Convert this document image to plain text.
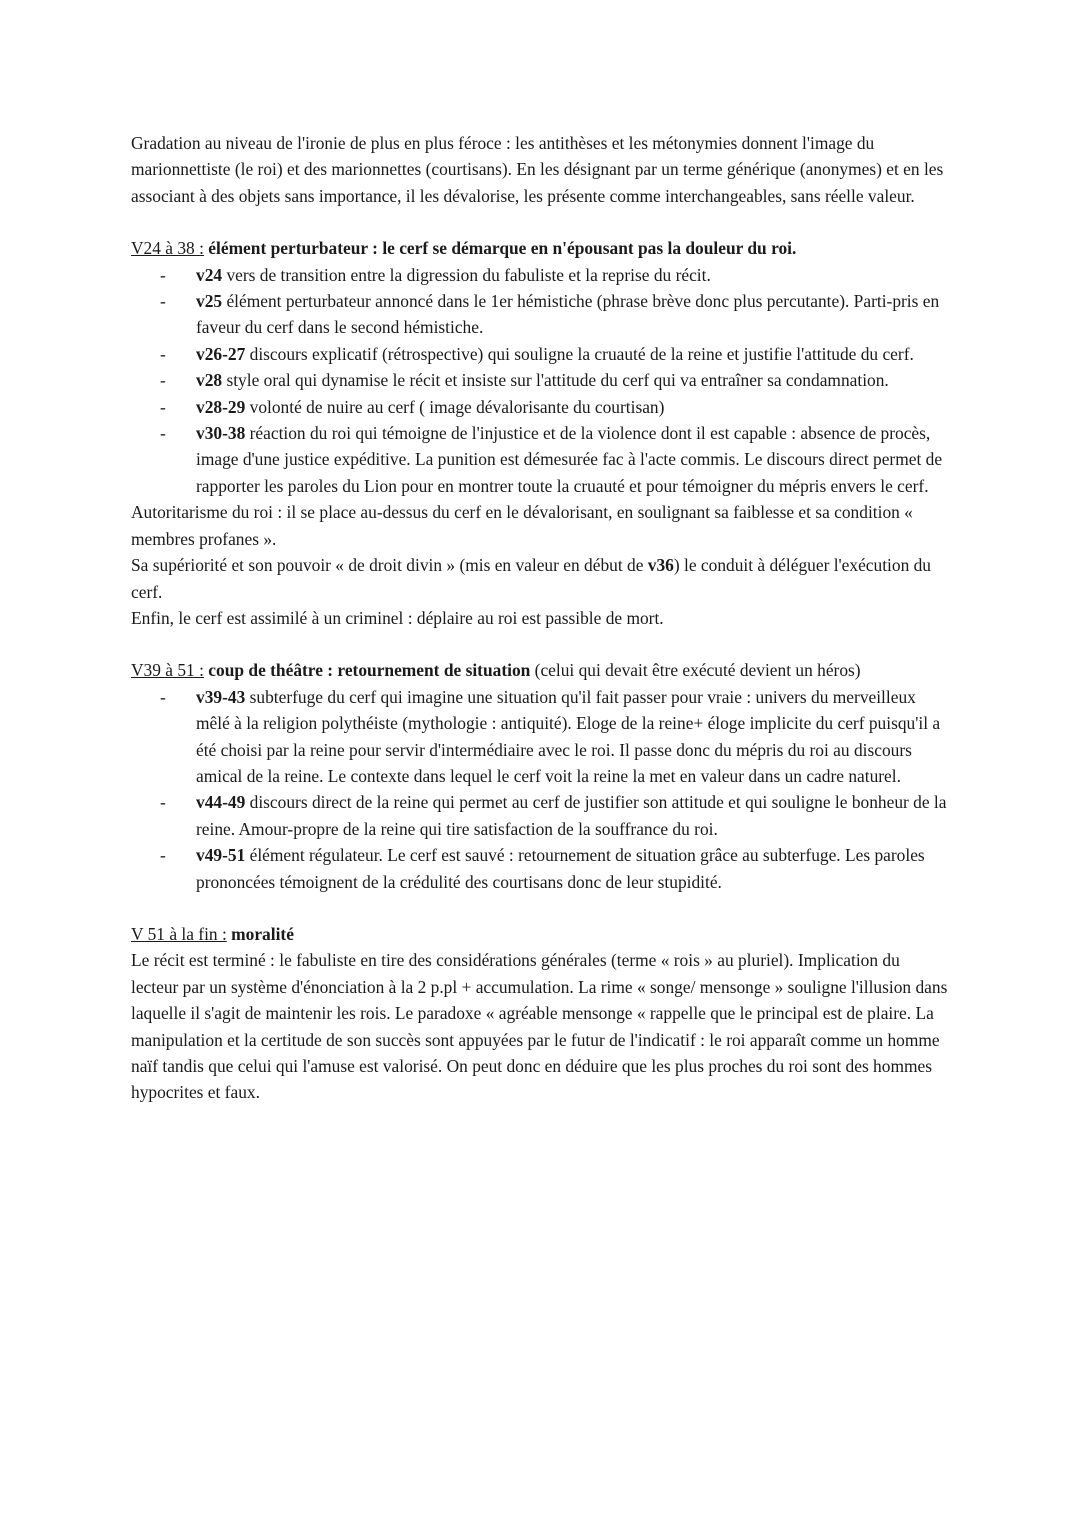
Gradation au niveau de l'ironie de plus en plus féroce : les antithèses et les métonymies donnent l'image du marionnettiste (le roi) et des marionnettes (courtisans). En les désignant par un terme générique (anonymes) et en les associant à des objets sans importance, il les dévalorise, les présente comme interchangeables, sans réelle valeur.

V24 à 38 : élément perturbateur : le cerf se démarque en n'épousant pas la douleur du roi.

- v24 vers de transition entre la digression du fabuliste et la reprise du récit.
- v25 élément perturbateur annoncé dans le 1er hémistiche (phrase brève donc plus percutante). Parti-pris en faveur du cerf dans le second hémistiche.
- v26-27 discours explicatif (rétrospective) qui souligne la cruauté de la reine et justifie l'attitude du cerf.
- v28 style oral qui dynamise le récit et insiste sur l'attitude du cerf qui va entraîner sa condamnation.
- v28-29 volonté de nuire au cerf ( image dévalorisante du courtisan)
- v30-38 réaction du roi qui témoigne de l'injustice et de la violence dont il est capable : absence de procès, image d'une justice expéditive. La punition est démesurée fac à l'acte commis. Le discours direct permet de rapporter les paroles du Lion pour en montrer toute la cruauté et pour témoigner du mépris envers le cerf.

Autoritarisme du roi : il se place au-dessus du cerf en le dévalorisant, en soulignant sa faiblesse et sa condition « membres profanes ».

Sa supériorité et son pouvoir « de droit divin » (mis en valeur en début de v36) le conduit à déléguer l'exécution du cerf.

Enfin, le cerf est assimilé à un criminel : déplaire au roi est passible de mort.

V39 à 51 : coup de théâtre : retournement de situation (celui qui devait être exécuté devient un héros)

- v39-43 subterfuge du cerf qui imagine une situation qu'il fait passer pour vraie : univers du merveilleux mêlé à la religion polythéiste (mythologie : antiquité). Eloge de la reine+ éloge implicite du cerf puisqu'il a été choisi par la reine pour servir d'intermédiaire avec le roi. Il passe donc du mépris du roi au discours amical de la reine. Le contexte dans lequel le cerf voit la reine la met en valeur dans un cadre naturel.
- v44-49 discours direct de la reine qui permet au cerf de justifier son attitude et qui souligne le bonheur de la reine. Amour-propre de la reine qui tire satisfaction de la souffrance du roi.
- v49-51 élément régulateur. Le cerf est sauvé : retournement de situation grâce au subterfuge. Les paroles prononcées témoignent de la crédulité des courtisans donc de leur stupidité.

V 51 à la fin : moralité

Le récit est terminé : le fabuliste en tire des considérations générales (terme « rois » au pluriel). Implication du lecteur par un système d'énonciation à la 2 p.pl + accumulation. La rime « songe/ mensonge » souligne l'illusion dans laquelle il s'agit de maintenir les rois. Le paradoxe « agréable mensonge « rappelle que le principal est de plaire. La manipulation et la certitude de son succès sont appuyées par le futur de l'indicatif : le roi apparaît comme un homme naïf tandis que celui qui l'amuse est valorisé. On peut donc en déduire que les plus proches du roi sont des hommes hypocrites et faux.
